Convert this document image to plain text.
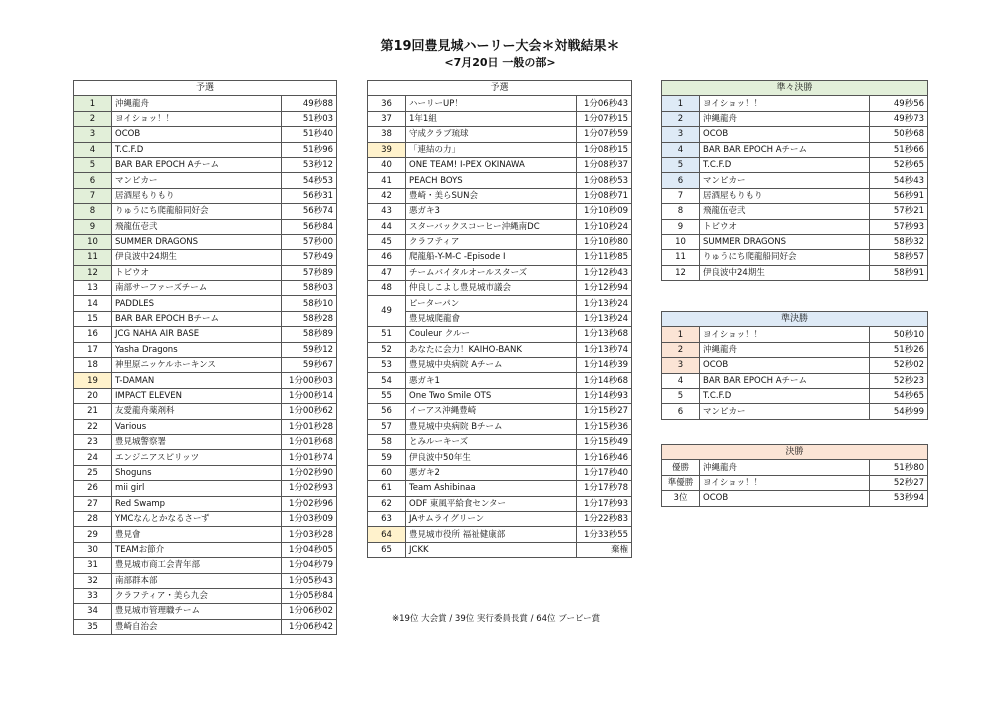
第19回豊見城ハーリー大会＊対戦結果＊
<7月20日 一般の部>
予選		
1	沖縄龍舟	49秒88
2	ヨイショッ！！	51秒03
3	OCOB	51秒40
4	T.C.F.D	51秒96
5	BAR BAR EPOCH Aチーム	53秒12
6	マンピカー	54秒53
7	居酒屋もりもり	56秒31
8	りゅうにち爬龍船同好会	56秒74
9	飛龍伍壱弐	56秒84
10	SUMMER DRAGONS	57秒00
11	伊良波中24期生	57秒49
12	トビウオ	57秒89
13	南部サーファーズチーム	58秒03
14	PADDLES	58秒10
15	BAR BAR EPOCH Bチーム	58秒28
16	JCG NAHA AIR BASE	58秒89
17	Yasha Dragons	59秒12
18	神里原ニッケルホーキンス	59秒67
19	T-DAMAN	1分00秒03
20	IMPACT ELEVEN	1分00秒14
21	友愛龍舟薬剤科	1分00秒62
22	Various	1分01秒28
23	豊見城警察署	1分01秒68
24	エンジニアスピリッツ	1分01秒74
25	Shoguns	1分02秒90
26	mii girl	1分02秒93
27	Red Swamp	1分02秒96
28	YMCなんとかなるさーず	1分03秒09
29	豊見會	1分03秒28
30	TEAMお節介	1分04秒05
31	豊見城市商工会青年部	1分04秒79
32	南部群本部	1分05秒43
33	クラフティア・美ら九会	1分05秒84
34	豊見城市管理職チーム	1分06秒02
35	豊崎自治会	1分06秒42
予選		
36	ハーリーUP！	1分06秒43
37	1年1組	1分07秒15
38	守成クラブ琉球	1分07秒59
39	「連結の力」	1分08秒15
40	ONE TEAM! I-PEX OKINAWA	1分08秒37
41	PEACH BOYS	1分08秒53
42	豊崎・美らSUN会	1分08秒71
43	悪ガキ3	1分10秒09
44	スターバックスコーヒー沖縄南DC	1分10秒24
45	クラフティア	1分10秒80
46	爬龍船-Y-M-C -Episode I	1分11秒85
47	チームバイタルオールスターズ	1分12秒43
48	仲良しこよし豊見城市議会	1分12秒94
49	ピーターパン	1分13秒24
	豊見城爬龍會	1分13秒24
51	Couleur クルー	1分13秒68
52	あなたに会力！KAIHO-BANK	1分13秒74
53	豊見城中央病院 Aチーム	1分14秒39
54	悪ガキ1	1分14秒68
55	One Two Smile OTS	1分14秒93
56	イーアス沖縄豊崎	1分15秒27
57	豊見城中央病院 Bチーム	1分15秒36
58	とみルーキーズ	1分15秒49
59	伊良波中50年生	1分16秒46
60	悪ガキ2	1分17秒40
61	Team Ashibinaa	1分17秒78
62	ODF 東風平給食センター	1分17秒93
63	JAサムライグリーン	1分22秒83
64	豊見城市役所 福祉健康部	1分33秒55
65	JCKK	棄権
準々決勝		
1	ヨイショッ！！	49秒56
2	沖縄龍舟	49秒73
3	OCOB	50秒68
4	BAR BAR EPOCH Aチーム	51秒66
5	T.C.F.D	52秒65
6	マンピカー	54秒43
7	居酒屋もりもり	56秒91
8	飛龍伍壱弐	57秒21
9	トビウオ	57秒93
10	SUMMER DRAGONS	58秒32
11	りゅうにち爬龍船同好会	58秒57
12	伊良波中24期生	58秒91
準決勝		
1	ヨイショッ！！	50秒10
2	沖縄龍舟	51秒26
3	OCOB	52秒02
4	BAR BAR EPOCH Aチーム	52秒23
5	T.C.F.D	54秒65
6	マンピカー	54秒99
決勝		
優勝	沖縄龍舟	51秒80
準優勝	ヨイショッ！！	52秒27
3位	OCOB	53秒94
※19位 大会賞 / 39位 実行委員長賞 / 64位 ブービー賞
